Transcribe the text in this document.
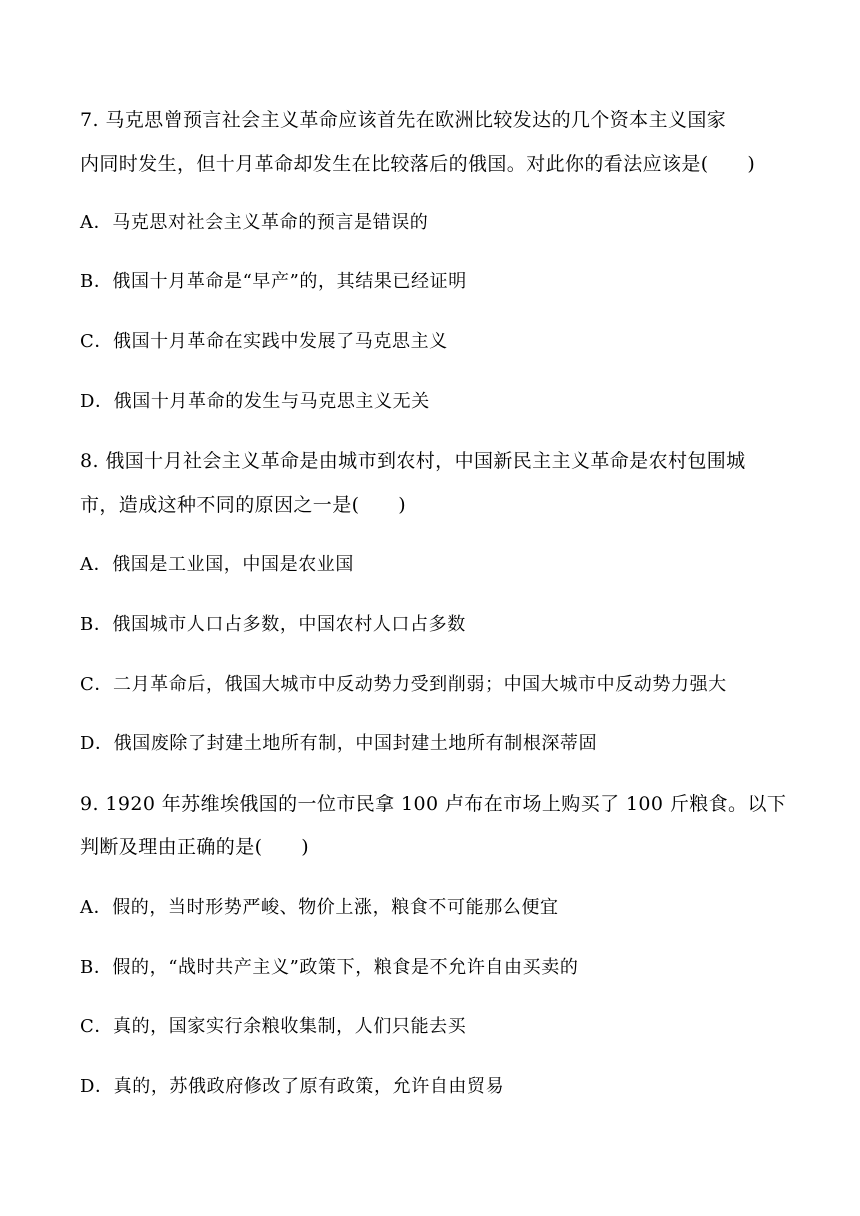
7. 马克思曾预言社会主义革命应该首先在欧洲比较发达的几个资本主义国家
内同时发生，但十月革命却发生在比较落后的俄国。对此你的看法应该是(　　)
A．马克思对社会主义革命的预言是错误的
B．俄国十月革命是“早产”的，其结果已经证明
C．俄国十月革命在实践中发展了马克思主义
D．俄国十月革命的发生与马克思主义无关
8. 俄国十月社会主义革命是由城市到农村，中国新民主主义革命是农村包围城
市，造成这种不同的原因之一是(　　)
A．俄国是工业国，中国是农业国
B．俄国城市人口占多数，中国农村人口占多数
C．二月革命后，俄国大城市中反动势力受到削弱；中国大城市中反动势力强大
D．俄国废除了封建土地所有制，中国封建土地所有制根深蒂固
9. 1920 年苏维埃俄国的一位市民拿 100 卢布在市场上购买了 100 斤粮食。以下
判断及理由正确的是(　　)
A．假的，当时形势严峻、物价上涨，粮食不可能那么便宜
B．假的，“战时共产主义”政策下，粮食是不允许自由买卖的
C．真的，国家实行余粮收集制，人们只能去买
D．真的，苏俄政府修改了原有政策，允许自由贸易
